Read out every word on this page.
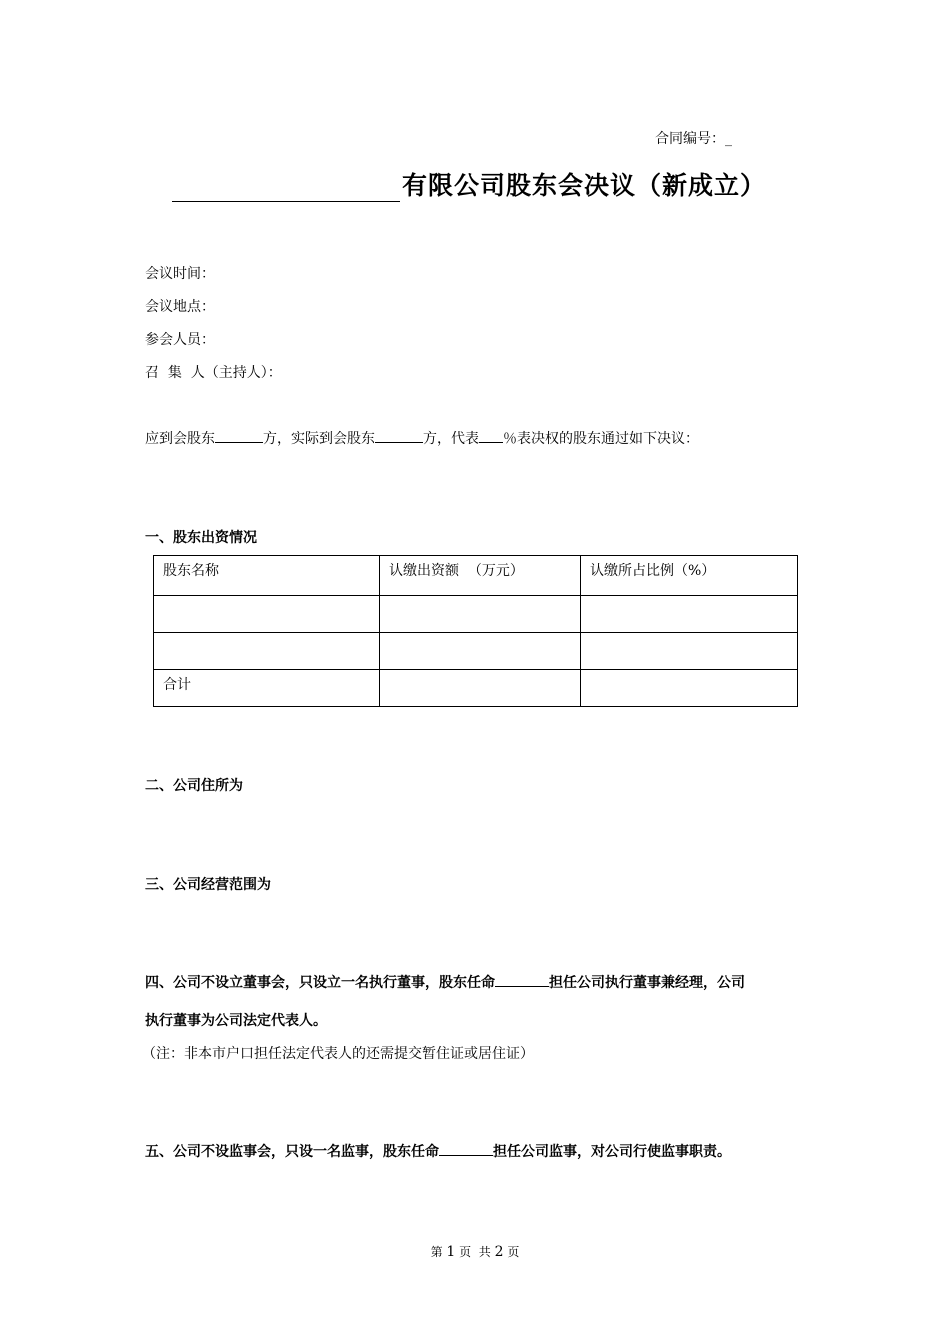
合同编号：_
有限公司股东会决议（新成立）
会议时间：
会议地点：
参会人员：
召  集  人（主持人）：
应到会股东	方，实际到会股东	方，代表 ％表决权的股东通过如下决议：
一、股东出资情况
股东名称	认缴出资额  （万元）	认缴所占比例（%）

合计		
二、公司住所为
三、公司经营范围为
四、公司不设立董事会，只设立一名执行董事，股东任命	担任公司执行董事兼经理，公司
执行董事为公司法定代表人。
（注：非本市户口担任法定代表人的还需提交暂住证或居住证）
五、公司不设监事会，只设一名监事，股东任命	担任公司监事，对公司行使监事职责。
第 1 页  共 2 页
